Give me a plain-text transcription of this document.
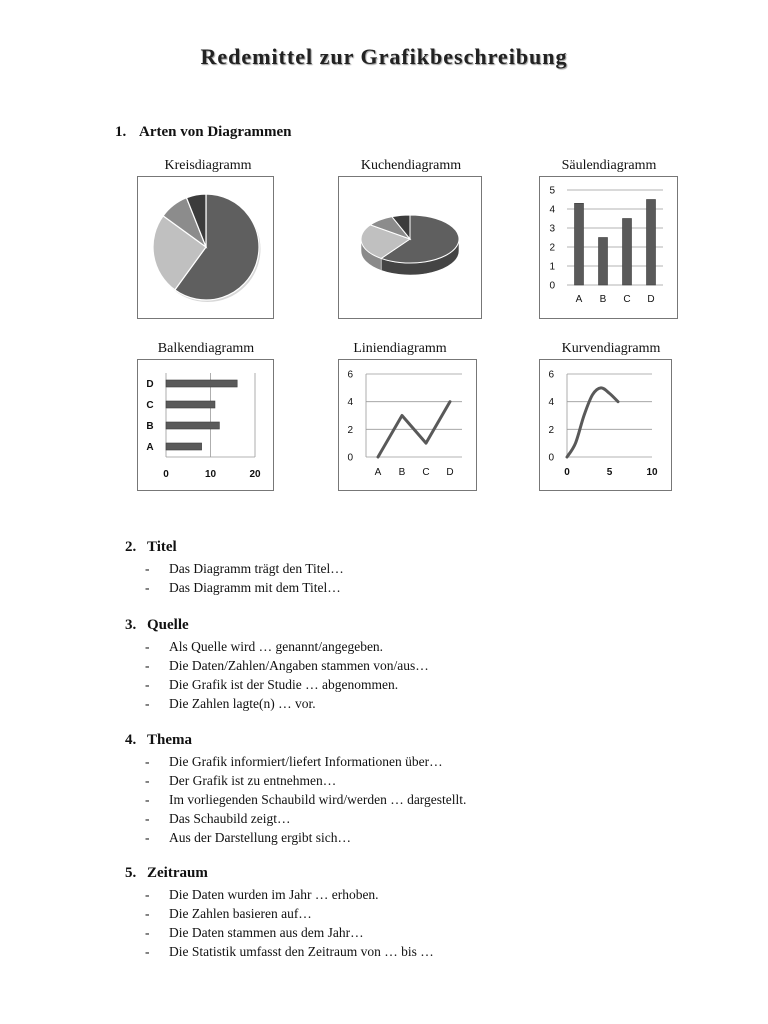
Redemittel zur Grafikbeschreibung
1. Arten von Diagrammen
Kreisdiagramm	Kuchendiagramm	Säulendiagramm
Balkendiagramm	Liniendiagramm	Kurvendiagramm
0
1
2
3
4
5
A B C D
0	10	20
A
B
C
D
0
2
4
6
A B C D
0
2
4
6
0	5	10
2. Titel
- Das Diagramm trägt den Titel…
- Das Diagramm mit dem Titel…
3. Quelle
- Als Quelle wird … genannt/angegeben.
- Die Daten/Zahlen/Angaben stammen von/aus…
- Die Grafik ist der Studie … abgenommen.
- Die Zahlen lagte(n) … vor.
4. Thema
- Die Grafik informiert/liefert Informationen über…
- Der Grafik ist zu entnehmen…
- Im vorliegenden Schaubild wird/werden … dargestellt.
- Das Schaubild zeigt…
- Aus der Darstellung ergibt sich…
5. Zeitraum
- Die Daten wurden im Jahr … erhoben.
- Die Zahlen basieren auf…
- Die Daten stammen aus dem Jahr…
- Die Statistik umfasst den Zeitraum von … bis …
